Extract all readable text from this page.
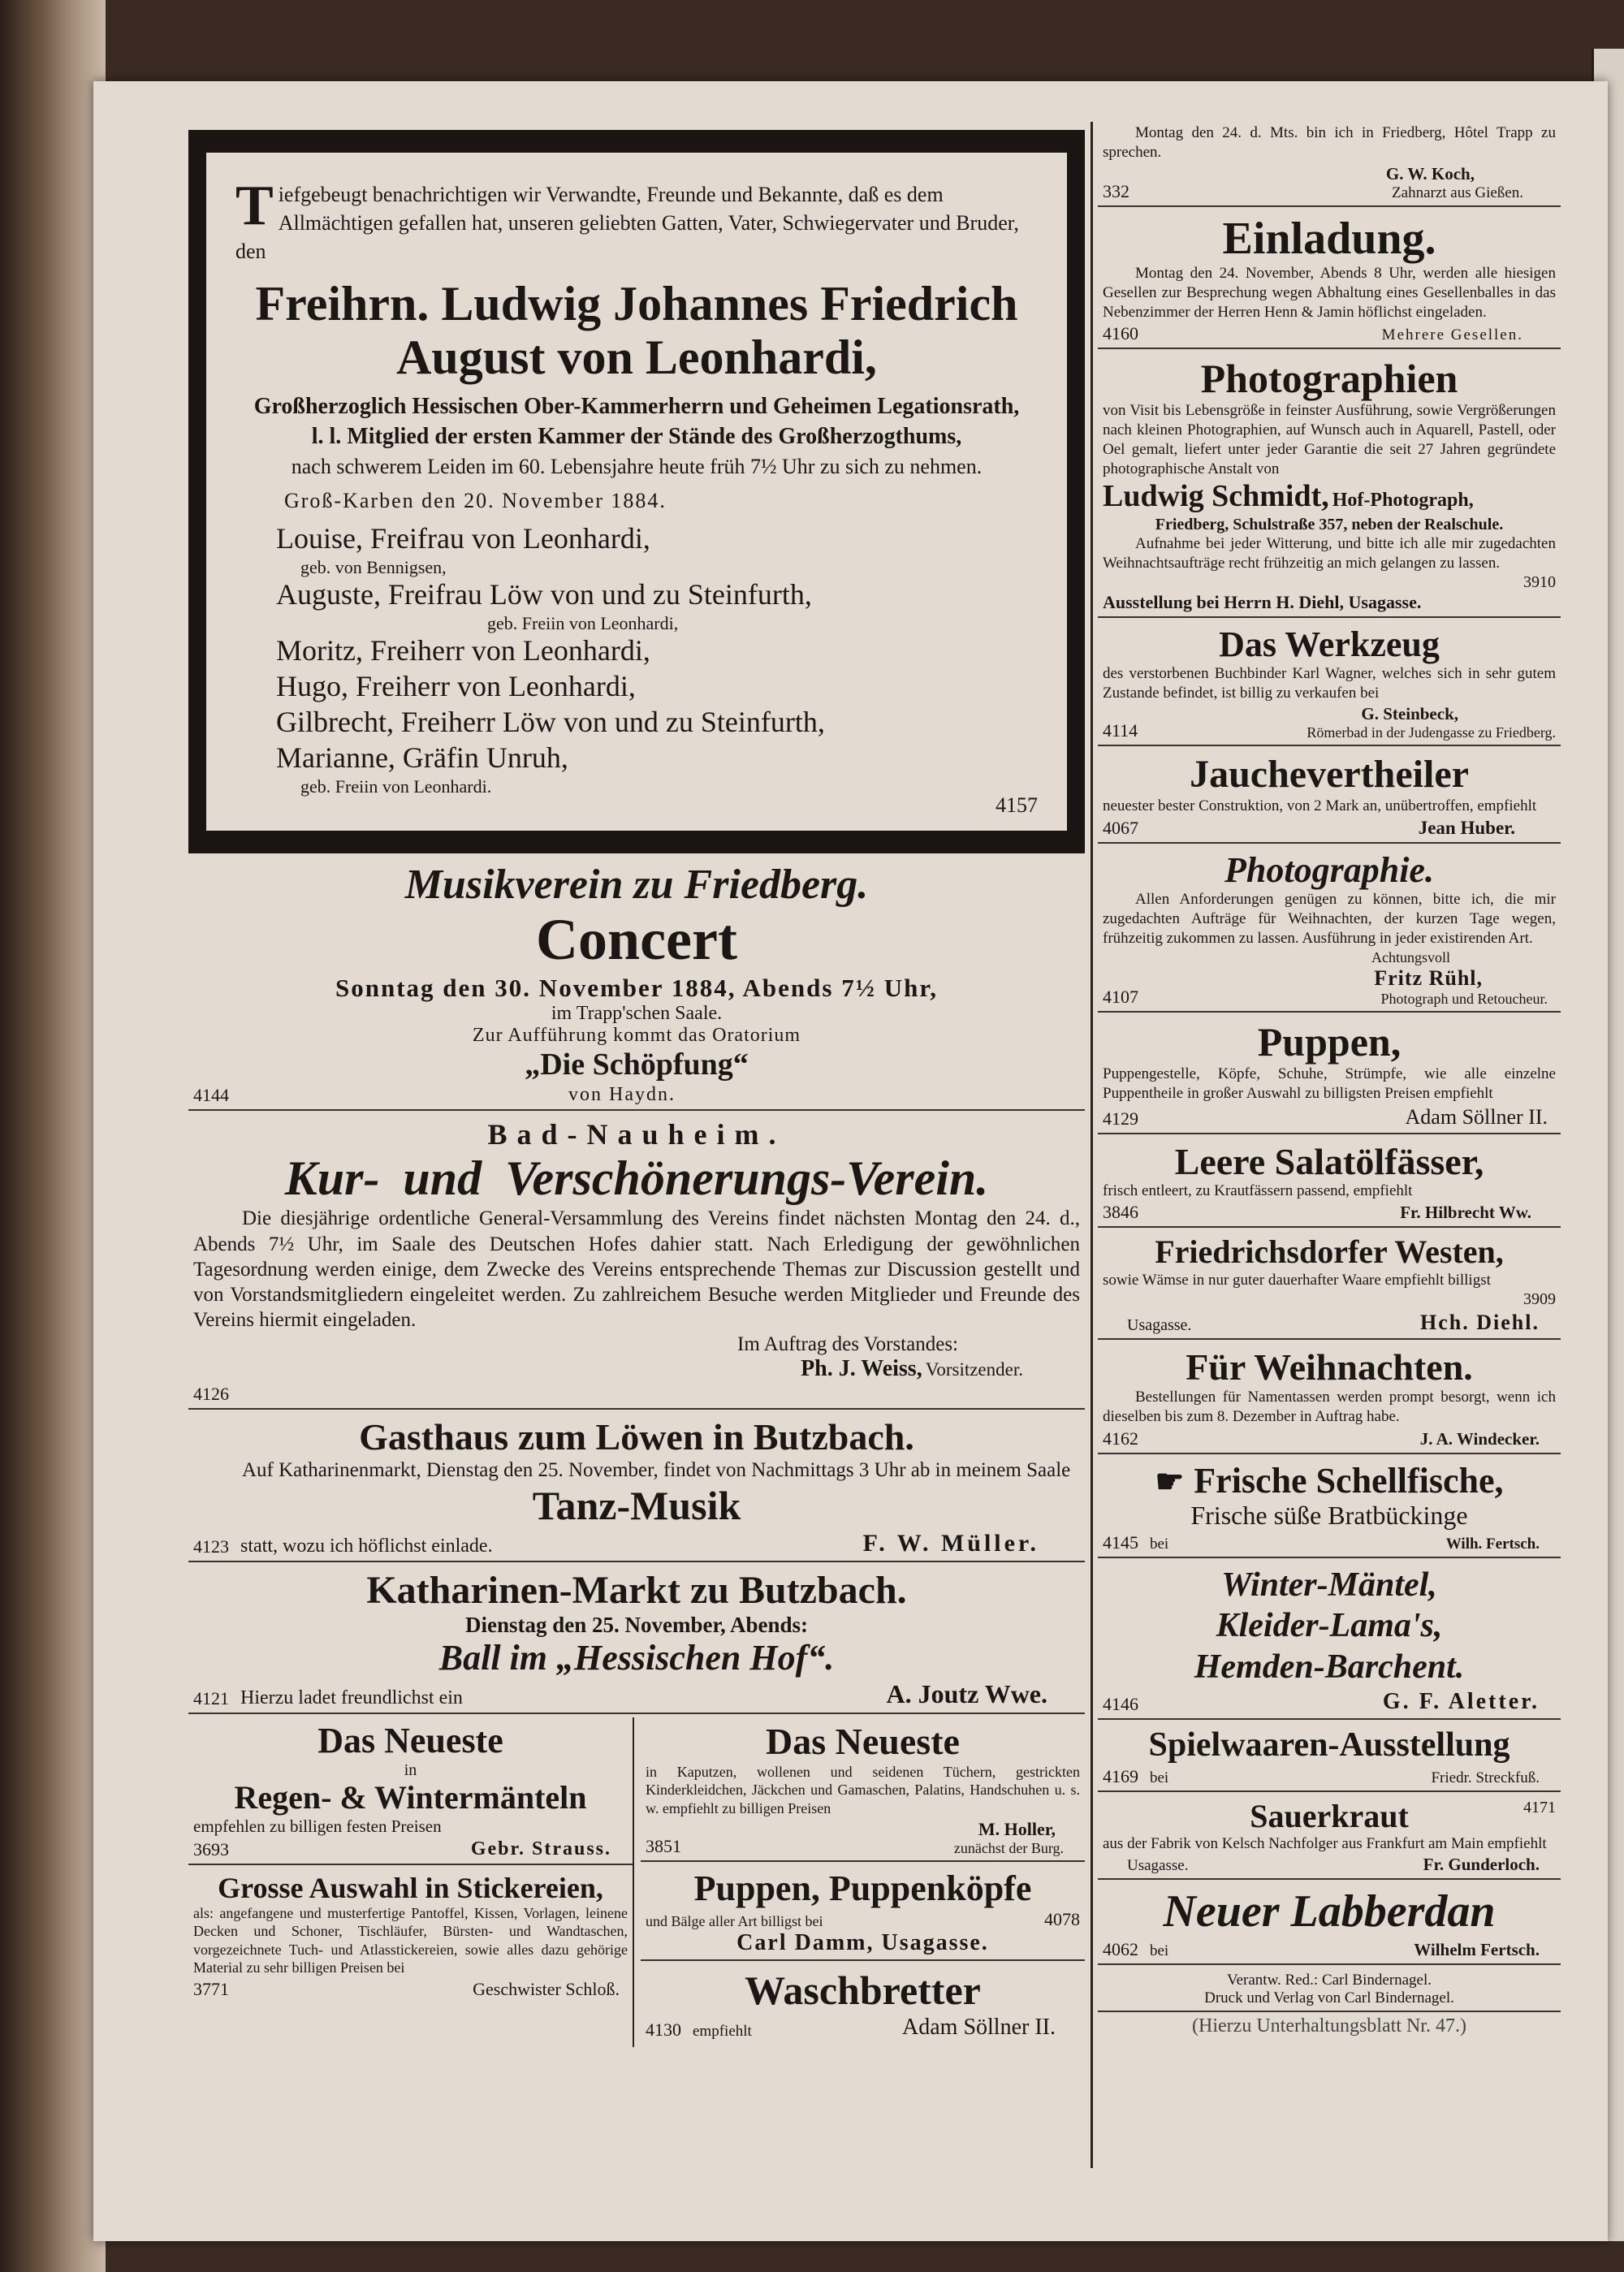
Tiefgebeugt benachrichtigen wir Verwandte, Freunde und Bekannte, daß es dem Allmächtigen gefallen hat, unseren geliebten Gatten, Vater, Schwiegervater und Bruder, den

Freihrn. Ludwig Johannes Friedrich
August von Leonhardi,
Großherzoglich Hessischen Ober-Kammerherrn und Geheimen Legationsrath,
l. l. Mitglied der ersten Kammer der Stände des Großherzogthums,
nach schwerem Leiden im 60. Lebensjahre heute früh 7½ Uhr zu sich zu nehmen.
Groß-Karben den 20. November 1884.
Louise, Freifrau von Leonhardi,
geb. von Bennigsen,
Auguste, Freifrau Löw von und zu Steinfurth,
geb. Freiin von Leonhardi,
Moritz, Freiherr von Leonhardi,
Hugo, Freiherr von Leonhardi,
Gilbrecht, Freiherr Löw von und zu Steinfurth,
Marianne, Gräfin Unruh,
geb. Freiin von Leonhardi.
4157
Musikverein zu Friedberg.
Concert
Sonntag den 30. November 1884, Abends 7½ Uhr,
im Trapp'schen Saale.
Zur Aufführung kommt das Oratorium
„Die Schöpfung“
4144	von Haydn.
Bad-Nauheim.
Kur- und Verschönerungs-Verein.

Die diesjährige ordentliche General-Versammlung des Vereins findet nächsten Montag den 24. d., Abends 7½ Uhr, im Saale des Deutschen Hofes dahier statt. Nach Erledigung der gewöhnlichen Tagesordnung werden einige, dem Zwecke des Vereins entsprechende Themas zur Discussion gestellt und von Vorstandsmitgliedern eingeleitet werden. Zu zahlreichem Besuche werden Mitglieder und Freunde des Vereins hiermit eingeladen.

Im Auftrag des Vorstandes:
Ph. J. Weiss, Vorsitzender.
4126
Gasthaus zum Löwen in Butzbach.

Auf Katharinenmarkt, Dienstag den 25. November, findet von Nachmittags 3 Uhr ab in meinem Saale

Tanz-Musik
4123 statt, wozu ich höflichst einlade.	F. W. Müller.
Katharinen-Markt zu Butzbach.
Dienstag den 25. November, Abends:
Ball im „Hessischen Hof“.
4121 Hierzu ladet freundlichst ein	A. Joutz Wwe.
Das Neueste
in
Regen- & Wintermänteln
empfehlen zu billigen festen Preisen
3693	Gebr. Strauss.
Grosse Auswahl in Stickereien,

als: angefangene und musterfertige Pantoffel, Kissen, Vorlagen, leinene Decken und Schoner, Tischläufer, Bürsten- und Wandtaschen, vorgezeichnete Tuch- und Atlasstickereien, sowie alles dazu gehörige Material zu sehr billigen Preisen bei

3771	Geschwister Schloß.
Das Neueste

in Kaputzen, wollenen und seidenen Tüchern, gestrickten Kinderkleidchen, Jäckchen und Gamaschen, Palatins, Handschuhen u. s. w. empfiehlt zu billigen Preisen

3851
M. Holler,
zunächst der Burg.
Puppen, Puppenköpfe
und Bälge aller Art billigst bei	4078
Carl Damm, Usagasse.
Waschbretter
4130 empfiehlt	Adam Söllner II.

Montag den 24. d. Mts. bin ich in Friedberg, Hôtel Trapp zu sprechen.

332
G. W. Koch,
Zahnarzt aus Gießen.
Einladung.

Montag den 24. November, Abends 8 Uhr, werden alle hiesigen Gesellen zur Besprechung wegen Abhaltung eines Gesellenballes in das Nebenzimmer der Herren Henn & Jamin höflichst eingeladen.

4160	Mehrere Gesellen.
Photographien

von Visit bis Lebensgröße in feinster Ausführung, sowie Vergrößerungen nach kleinen Photographien, auf Wunsch auch in Aquarell, Pastell, oder Oel gemalt, liefert unter jeder Garantie die seit 27 Jahren gegründete photographische Anstalt von

Ludwig Schmidt, Hof-Photograph,
Friedberg, Schulstraße 357, neben der Realschule.

Aufnahme bei jeder Witterung, und bitte ich alle mir zugedachten Weihnachtsaufträge recht frühzeitig an mich gelangen zu lassen.

3910
Ausstellung bei Herrn H. Diehl, Usagasse.
Das Werkzeug

des verstorbenen Buchbinder Karl Wagner, welches sich in sehr gutem Zustande befindet, ist billig zu verkaufen bei

4114
G. Steinbeck,
Römerbad in der Judengasse zu Friedberg.
Jauchevertheiler

neuester bester Construktion, von 2 Mark an, unübertroffen, empfiehlt

4067	Jean Huber.
Photographie.

Allen Anforderungen genügen zu können, bitte ich, die mir zugedachten Aufträge für Weihnachten, der kurzen Tage wegen, frühzeitig zukommen zu lassen. Ausführung in jeder existirenden Art.

4107
Achtungsvoll
Fritz Rühl,
Photograph und Retoucheur.
Puppen,

Puppengestelle, Köpfe, Schuhe, Strümpfe, wie alle einzelne Puppentheile in großer Auswahl zu billigsten Preisen empfiehlt

4129	Adam Söllner II.
Leere Salatölfässer,
frisch entleert, zu Krautfässern passend, empfiehlt
3846	Fr. Hilbrecht Ww.
Friedrichsdorfer Westen,

sowie Wämse in nur guter dauerhafter Waare empfiehlt billigst

3909
Usagasse.	Hch. Diehl.
Für Weihnachten.

Bestellungen für Namentassen werden prompt besorgt, wenn ich dieselben bis zum 8. Dezember in Auftrag habe.

4162	J. A. Windecker.
☛ Frische Schellfische,
Frische süße Bratbückinge
4145 bei	Wilh. Fertsch.
Winter-Mäntel,
Kleider-Lama's,
Hemden-Barchent.
4146	G. F. Aletter.
Spielwaaren-Ausstellung
4169 bei	Friedr. Streckfuß.
Sauerkraut	4171
aus der Fabrik von Kelsch Nachfolger aus Frankfurt am Main empfiehlt
Usagasse.	Fr. Gunderloch.
Neuer Labberdan
4062 bei	Wilhelm Fertsch.
Verantw. Red.: Carl Bindernagel.
Druck und Verlag von Carl Bindernagel.
(Hierzu Unterhaltungsblatt Nr. 47.)
